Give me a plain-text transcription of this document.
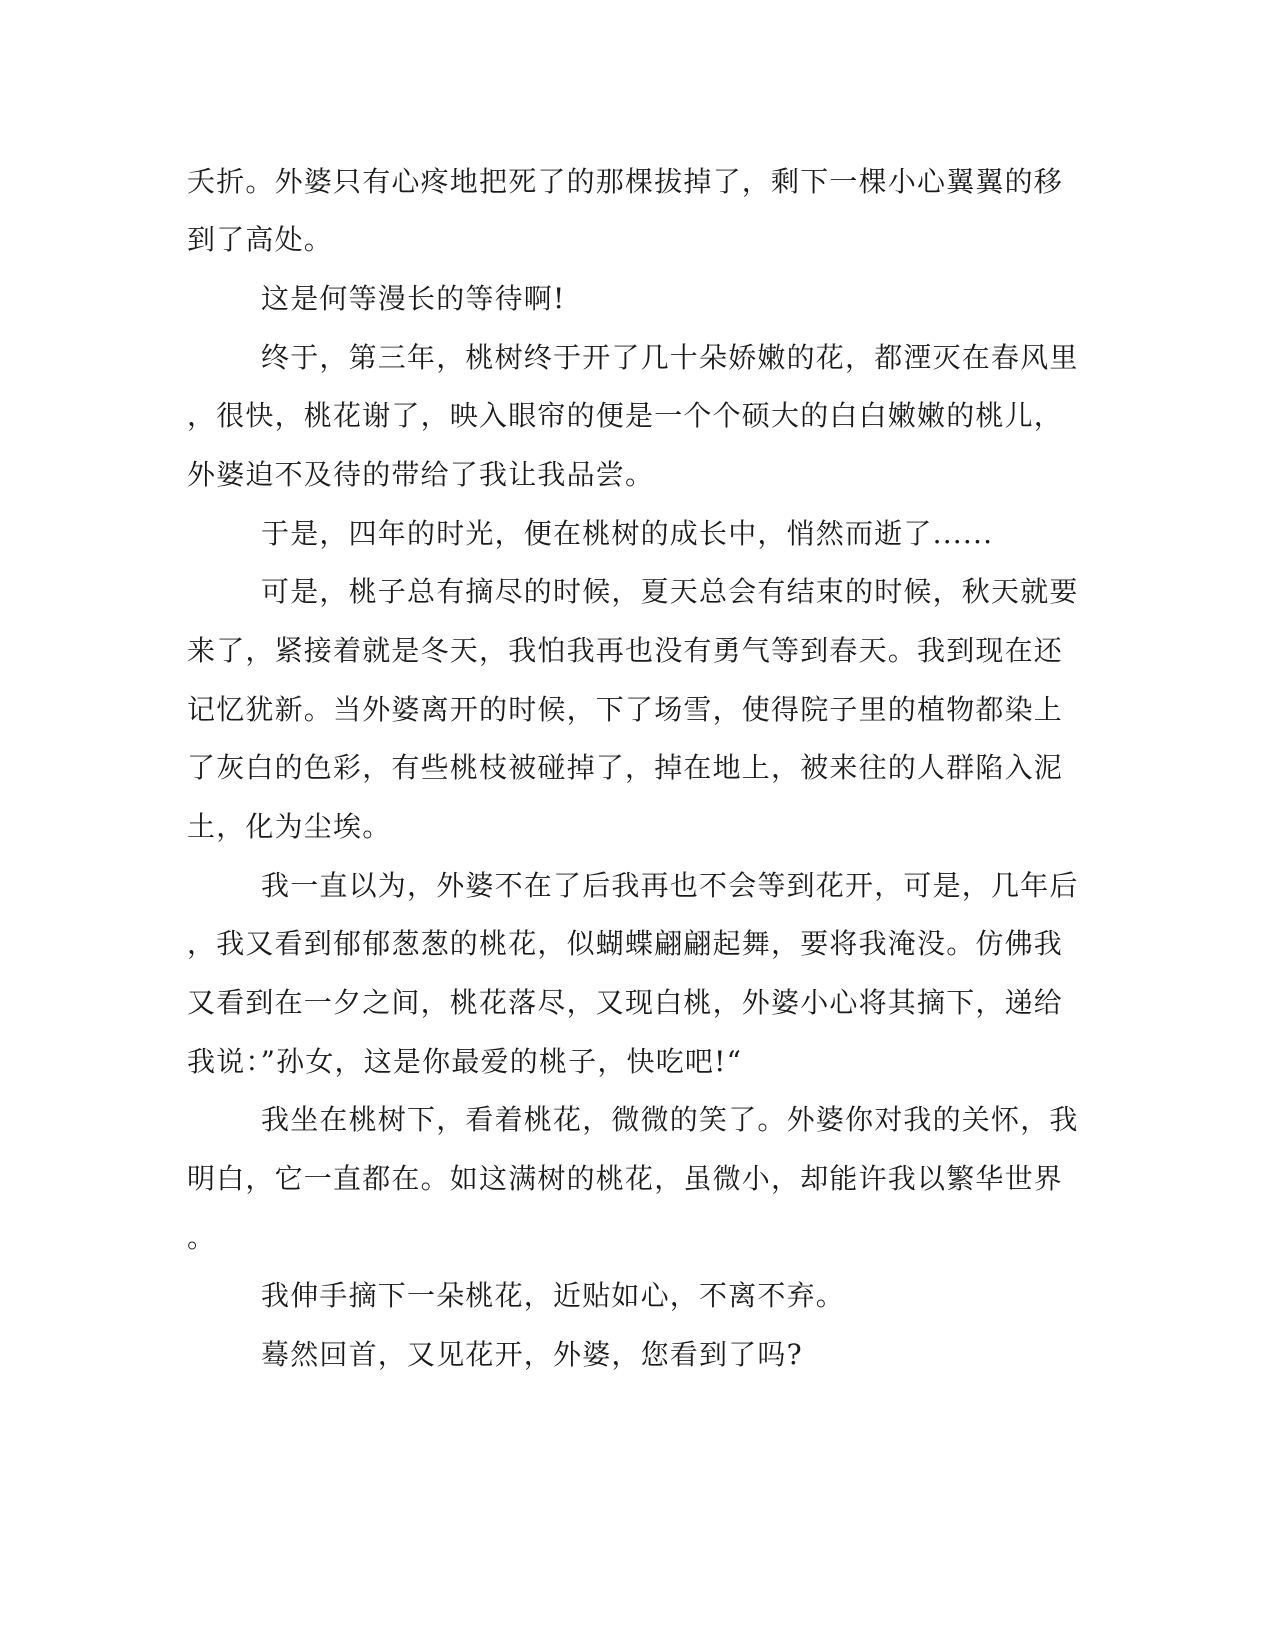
夭折。外婆只有心疼地把死了的那棵拔掉了，剩下一棵小心翼翼的移
到了高处。
这是何等漫长的等待啊!
终于，第三年，桃树终于开了几十朵娇嫩的花，都湮灭在春风里
，很快，桃花谢了，映入眼帘的便是一个个硕大的白白嫩嫩的桃儿，
外婆迫不及待的带给了我让我品尝。
于是，四年的时光，便在桃树的成长中，悄然而逝了......
可是，桃子总有摘尽的时候，夏天总会有结束的时候，秋天就要
来了，紧接着就是冬天，我怕我再也没有勇气等到春天。我到现在还
记忆犹新。当外婆离开的时候，下了场雪，使得院子里的植物都染上
了灰白的色彩，有些桃枝被碰掉了，掉在地上，被来往的人群陷入泥
土，化为尘埃。
我一直以为，外婆不在了后我再也不会等到花开，可是，几年后
，我又看到郁郁葱葱的桃花，似蝴蝶翩翩起舞，要将我淹没。仿佛我
又看到在一夕之间，桃花落尽，又现白桃，外婆小心将其摘下，递给
我说：”孙女，这是你最爱的桃子，快吃吧!“
我坐在桃树下，看着桃花，微微的笑了。外婆你对我的关怀，我
明白，它一直都在。如这满树的桃花，虽微小，却能许我以繁华世界
。
我伸手摘下一朵桃花，近贴如心，不离不弃。
蓦然回首，又见花开，外婆，您看到了吗?
